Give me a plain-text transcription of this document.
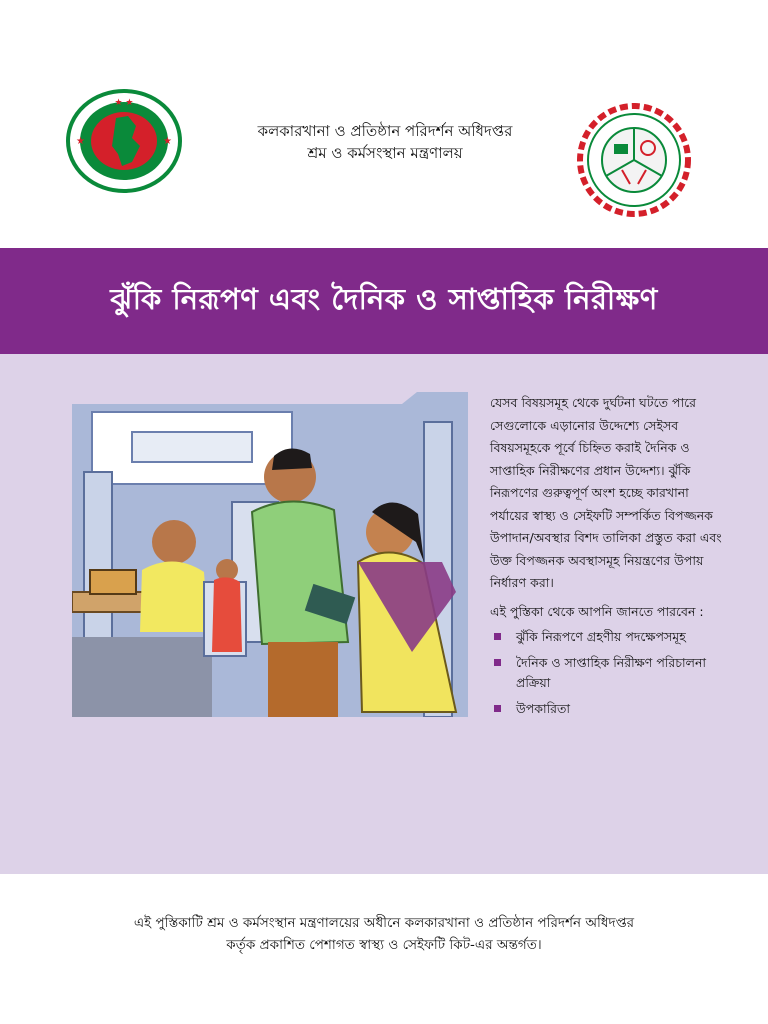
★ ★
★	★
কলকারখানা ও প্রতিষ্ঠান পরিদর্শন অধিদপ্তর
শ্রম ও কর্মসংস্থান মন্ত্রণালয়
ঝুঁকি নিরূপণ এবং দৈনিক ও সাপ্তাহিক নিরীক্ষণ
যেসব বিষয়সমূহ থেকে দুর্ঘটনা ঘটতে পারে সেগুলোকে এড়ানোর উদ্দেশ্যে সেইসব বিষয়সমূহকে পূর্বে চিহ্নিত করাই দৈনিক ও সাপ্তাহিক নিরীক্ষণের প্রধান উদ্দেশ্য। ঝুঁকি নিরূপণের গুরুত্বপূর্ণ অংশ হচ্ছে কারখানা পর্যায়ের স্বাস্থ্য ও সেইফটি সম্পর্কিত বিপজ্জনক উপাদান/অবস্থার বিশদ তালিকা প্রস্তুত করা এবং উক্ত বিপজ্জনক অবস্থাসমূহ নিয়ন্ত্রণের উপায় নির্ধারণ করা।
এই পুস্তিকা থেকে আপনি জানতে পারবেন :
ঝুঁকি নিরূপণে গ্রহণীয় পদক্ষেপসমূহ
দৈনিক ও সাপ্তাহিক নিরীক্ষণ পরিচালনা প্রক্রিয়া
উপকারিতা
এই পুস্তিকাটি শ্রম ও কর্মসংস্থান মন্ত্রণালয়ের অধীনে কলকারখানা ও প্রতিষ্ঠান পরিদর্শন অধিদপ্তর
কর্তৃক প্রকাশিত পেশাগত স্বাস্থ্য ও সেইফটি কিট-এর অন্তর্গত।
